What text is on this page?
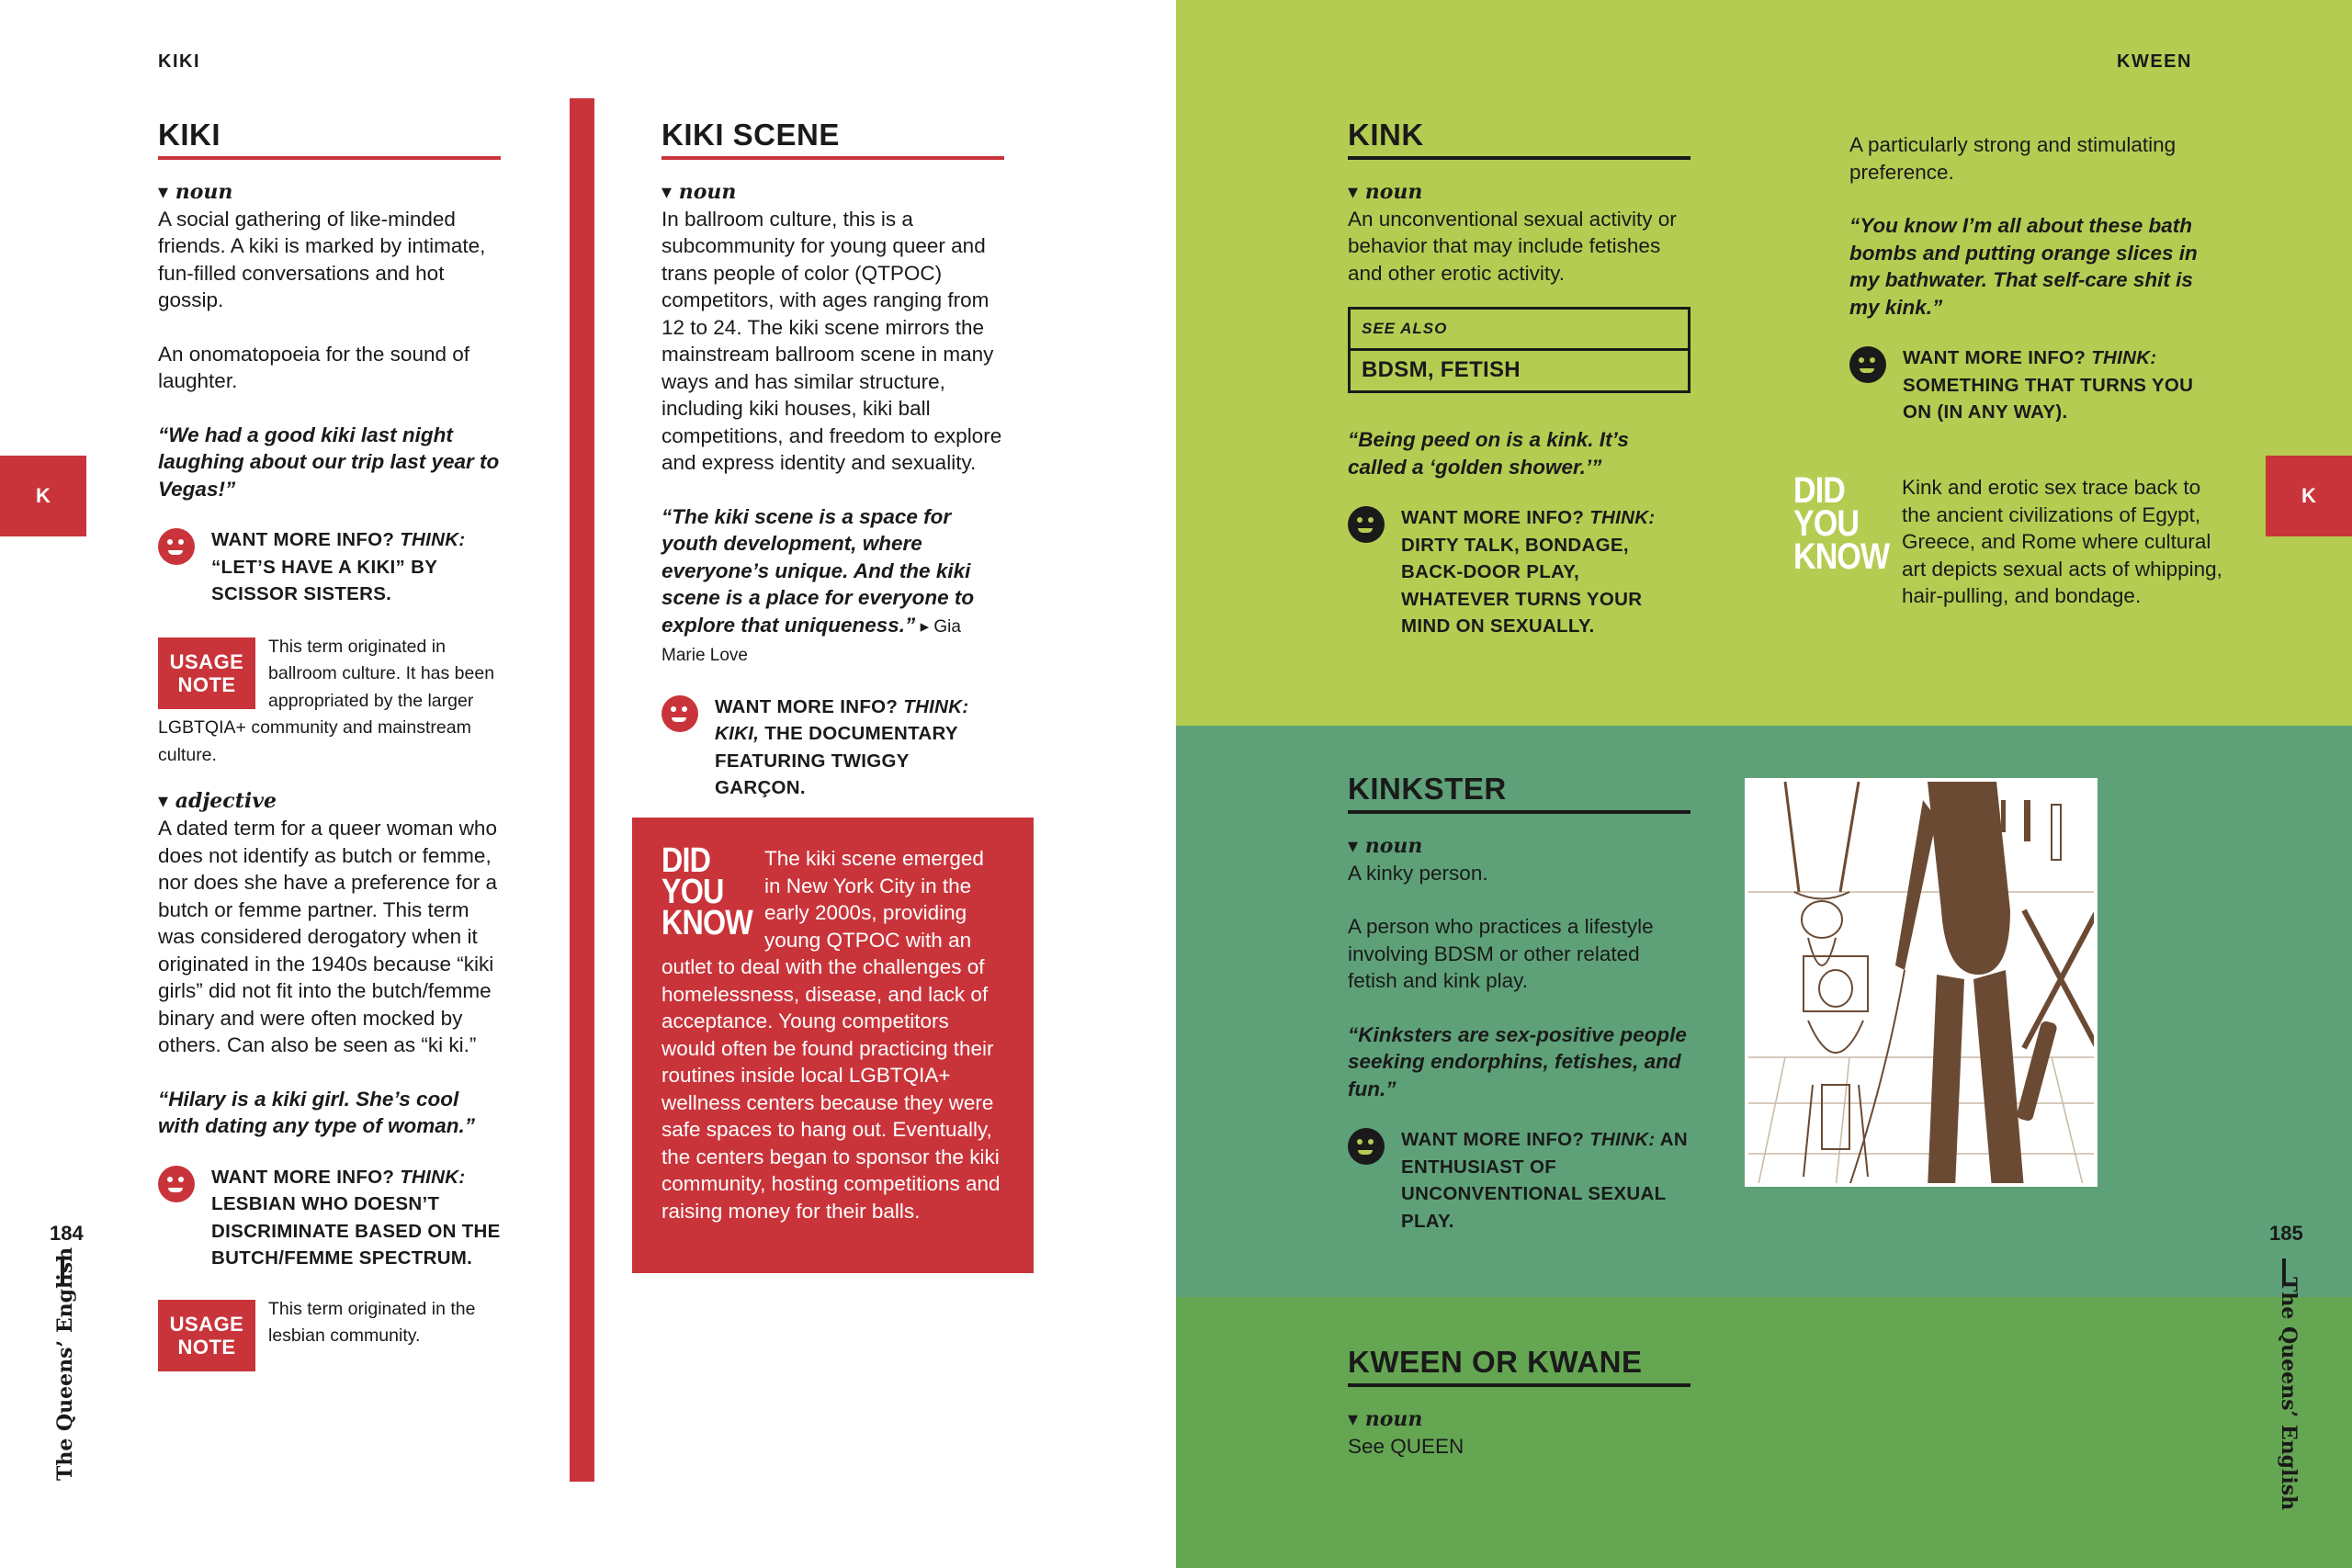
KIKI
K
KIKI
▾ noun

A social gathering of like-minded friends. A kiki is marked by intimate, fun-filled conversations and hot gossip.

An onomatopoeia for the sound of laughter.

“We had a good kiki last night laughing about our trip last year to Vegas!”

WANT MORE INFO? THINK: “LET’S HAVE A KIKI” BY SCISSOR SISTERS.
USAGE
NOTE
This term originated in ballroom culture. It has been appropriated by the larger LGBTQIA+ community and mainstream culture.
▾ adjective

A dated term for a queer woman who does not identify as butch or femme, nor does she have a preference for a butch or femme partner. This term was considered derogatory when it originated in the 1940s because “kiki girls” did not fit into the butch/femme binary and were often mocked by others. Can also be seen as “ki ki.”

“Hilary is a kiki girl. She’s cool with dating any type of woman.”

WANT MORE INFO? THINK: LESBIAN WHO DOESN’T DISCRIMINATE BASED ON THE BUTCH/FEMME SPECTRUM.
USAGE
NOTE
This term originated in the lesbian community.
KIKI SCENE
▾ noun

In ballroom culture, this is a subcommunity for young queer and trans people of color (QTPOC) competitors, with ages ranging from 12 to 24. The kiki scene mirrors the mainstream ballroom scene in many ways and has similar structure, including kiki houses, kiki ball competitions, and freedom to explore and express identity and sexuality.

“The kiki scene is a space for youth development, where everyone’s unique. And the kiki scene is a place for everyone to explore that uniqueness.” ▸ Gia Marie Love

WANT MORE INFO? THINK: KIKI, THE DOCUMENTARY FEATURING TWIGGY GARÇON.
DID
YOU
KNOW
The kiki scene emerged in New York City in the early 2000s, providing young QTPOC with an outlet to deal with the challenges of homelessness, disease, and lack of acceptance. Young competitors would often be found practicing their routines inside local LGBTQIA+ wellness centers because they were safe spaces to hang out. Eventually, the centers began to sponsor the kiki community, hosting competitions and raising money for their balls.
184
The Queens’ English
KWEEN
K
KINK
▾ noun

An unconventional sexual activity or behavior that may include fetishes and other erotic activity.

SEE ALSO
BDSM, FETISH

“Being peed on is a kink. It’s called a ‘golden shower.’”

WANT MORE INFO? THINK: DIRTY TALK, BONDAGE, BACK-DOOR PLAY, WHATEVER TURNS YOUR MIND ON SEXUALLY.

A particularly strong and stimulating preference.

“You know I’m all about these bath bombs and putting orange slices in my bathwater. That self-care shit is my kink.”

WANT MORE INFO? THINK: SOMETHING THAT TURNS YOU ON (IN ANY WAY).
DID
YOU
KNOW
Kink and erotic sex trace back to the ancient civilizations of Egypt, Greece, and Rome where cultural art depicts sexual acts of whipping, hair-pulling, and bondage.
KINKSTER
▾ noun

A kinky person.

A person who practices a lifestyle involving BDSM or other related fetish and kink play.

“Kinksters are sex-positive people seeking endorphins, fetishes, and fun.”

WANT MORE INFO? THINK: AN ENTHUSIAST OF UNCONVENTIONAL SEXUAL PLAY.
KWEEN OR KWANE
▾ noun

See QUEEN

185
The Queens’ English
